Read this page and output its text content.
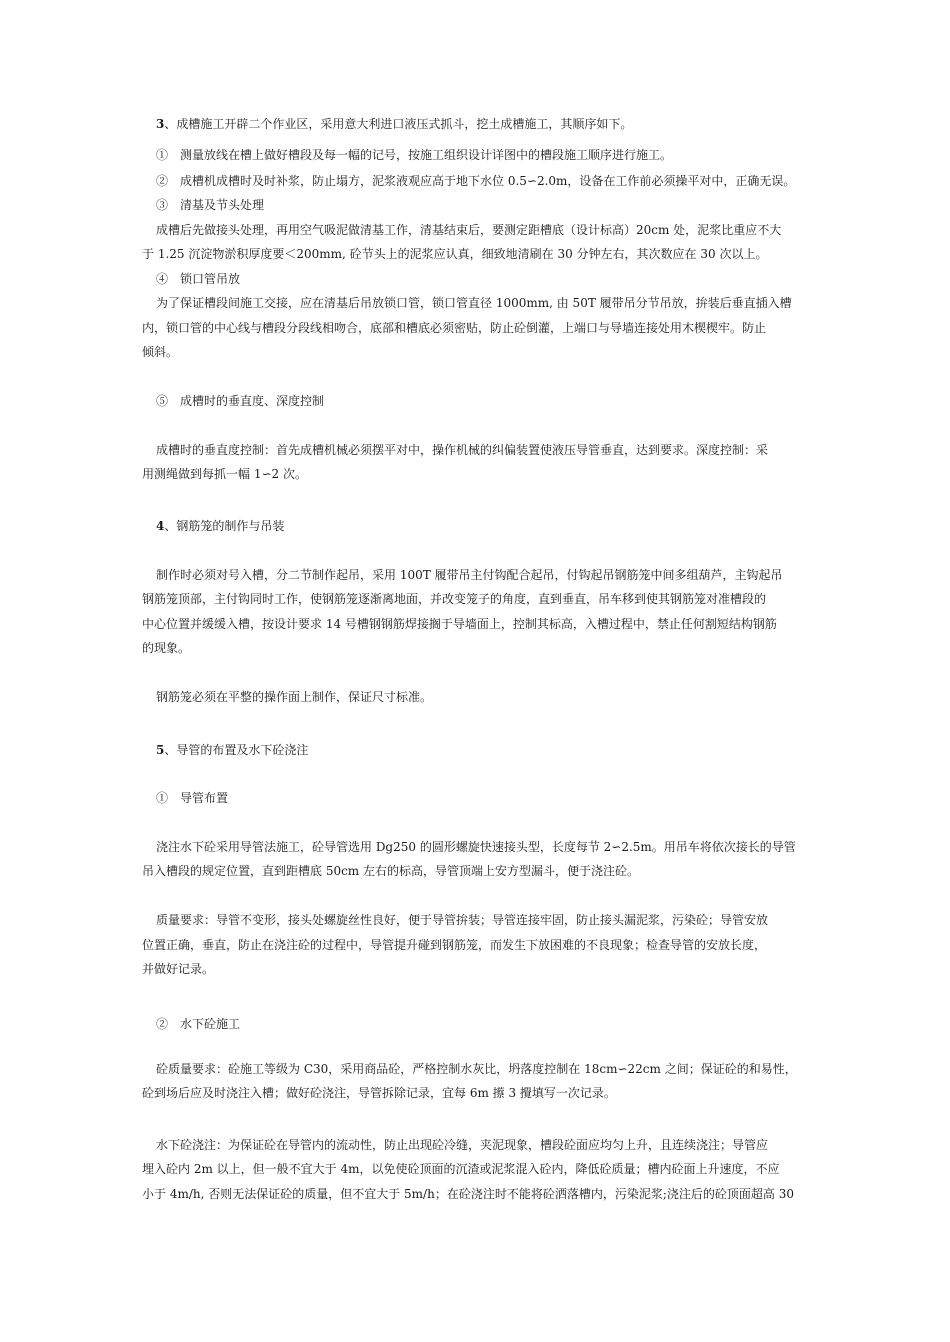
3、成槽施工开辟二个作业区，采用意大利进口液压式抓斗，挖土成槽施工，其顺序如下。
①　测量放线在槽上做好槽段及每一幅的记号，按施工组织设计详图中的槽段施工顺序进行施工。
②　成槽机成槽时及时补浆，防止塌方，泥浆液观应高于地下水位 0.5∽2.0m，设备在工作前必须操平对中，正确无误。
③　清基及节头处理
成槽后先做接头处理，再用空气吸泥做清基工作，清基结束后，要测定距槽底（设计标高）20cm 处，泥浆比重应不大
于 1.25 沉淀物淤积厚度要＜200mm, 砼节头上的泥浆应认真，细致地清刷在 30 分钟左右，其次数应在 30 次以上。
④　锁口管吊放
为了保证槽段间施工交接，应在清基后吊放锁口管，锁口管直径 1000mm, 由 50T 履带吊分节吊放，拚装后垂直插入槽
内，锁口管的中心线与槽段分段线相吻合，底部和槽底必须密贴，防止砼倒灌，上端口与导墙连接处用木楔楔牢。防止
倾斜。
⑤　成槽时的垂直度、深度控制
成槽时的垂直度控制：首先成槽机械必须摆平对中，操作机械的纠偏装置使液压导管垂直，达到要求。深度控制：采
用测绳做到每抓一幅 1∽2 次。
4、钢筋笼的制作与吊装
制作时必须对号入槽，分二节制作起吊，采用 100T 履带吊主付钩配合起吊，付钩起吊钢筋笼中间多组葫芦，主钩起吊
钢筋笼顶部，主付钩同时工作，使钢筋笼逐渐离地面，并改变笼子的角度，直到垂直，吊车移到使其钢筋笼对准槽段的
中心位置并缓缓入槽，按设计要求 14 号槽钢钢筋焊接搁于导墙面上，控制其标高，入槽过程中，禁止任何割短结构钢筋
的现象。
钢筋笼必须在平整的操作面上制作，保证尺寸标准。
5、导管的布置及水下砼浇注
①　导管布置
浇注水下砼采用导管法施工，砼导管选用 Dg250 的圆形螺旋快速接头型，长度每节 2∽2.5m。用吊车将依次接长的导管
吊入槽段的规定位置，直到距槽底 50cm 左右的标高，导管顶端上安方型漏斗，便于浇注砼。
质量要求：导管不变形，接头处螺旋丝性良好，便于导管拚装；导管连接牢固，防止接头漏泥浆，污染砼；导管安放
位置正确，垂直，防止在浇注砼的过程中，导管提升碰到钢筋笼，而发生下放困难的不良现象；检查导管的安放长度，
并做好记录。
②　水下砼施工
砼质量要求：砼施工等级为 C30，采用商品砼，严格控制水灰比，坍落度控制在 18cm∽22cm 之间；保证砼的和易性，
砼到场后应及时浇注入槽；做好砼浇注，导管拆除记录，宜每 6m 攃 3 攪填写一次记录。
水下砼浇注：为保证砼在导管内的流动性，防止出现砼冷缝，夹泥现象，槽段砼面应均匀上升，且连续浇注；导管应
埋入砼内 2m 以上，但一般不宜大于 4m，以免使砼顶面的沉渣或泥浆混入砼内，降低砼质量；槽内砼面上升速度，不应
小于 4m/h, 否则无法保证砼的质量，但不宜大于 5m/h；在砼浇注时不能将砼洒落槽内，污染泥浆;浇注后的砼顶面超高 30
